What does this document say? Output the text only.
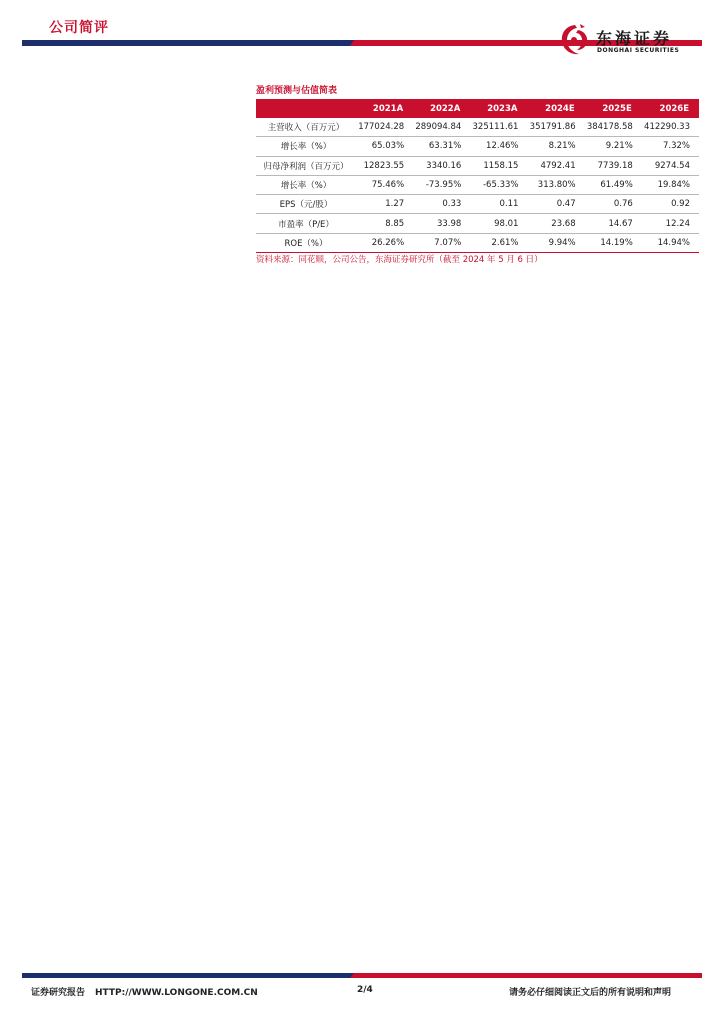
公司简评
东海证券
DONGHAI SECURITIES
盈利预测与估值简表
	2021A	2022A	2023A	2024E	2025E	2026E
主营收入（百万元）	177024.28	289094.84	325111.61	351791.86	384178.58	412290.33
增长率（%）	65.03%	63.31%	12.46%	8.21%	9.21%	7.32%
归母净利润（百万元）	12823.55	3340.16	1158.15	4792.41	7739.18	9274.54
增长率（%）	75.46%	-73.95%	-65.33%	313.80%	61.49%	19.84%
EPS（元/股）	1.27	0.33	0.11	0.47	0.76	0.92
市盈率（P/E）	8.85	33.98	98.01	23.68	14.67	12.24
ROE（%）	26.26%	7.07%	2.61%	9.94%	14.19%	14.94%
资料来源：同花顺，公司公告，东海证券研究所（截至 2024 年 5 月 6 日）
证券研究报告 HTTP://WWW.LONGONE.COM.CN	2/4	请务必仔细阅读正文后的所有说明和声明
